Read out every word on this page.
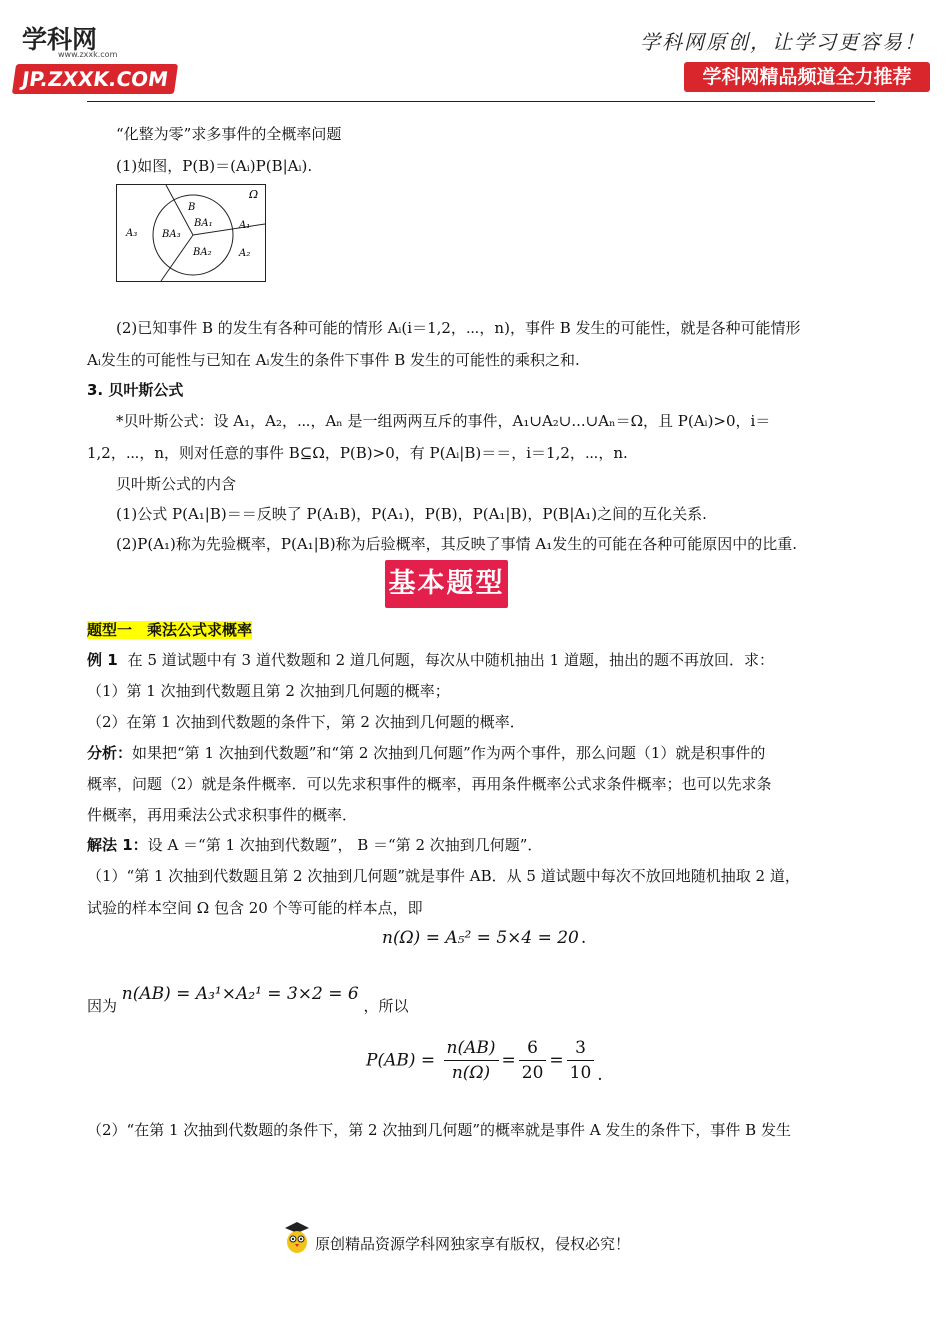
学科网
www.zxxk.com
JP.ZXXK.COM
学科网原创，让学习更容易！
学科网精品频道全力推荐
“化整为零”求多事件的全概率问题
(1)如图，P(B)＝(Aᵢ)P(B|Aᵢ).
Ω
B
BA₁
BA₃
BA₂
A₁
A₂
A₃
(2)已知事件 B 的发生有各种可能的情形 Aᵢ(i＝1,2，⋯，n)，事件 B 发生的可能性，就是各种可能情形
Aᵢ发生的可能性与已知在 Aᵢ发生的条件下事件 B 发生的可能性的乘积之和.
3. 贝叶斯公式
*贝叶斯公式：设 A₁，A₂，⋯，Aₙ 是一组两两互斥的事件，A₁∪A₂∪...∪Aₙ＝Ω，且 P(Aᵢ)>0，i＝
1,2，⋯，n，则对任意的事件 B⊆Ω，P(B)>0，有 P(Aᵢ|B)＝＝，i＝1,2，⋯，n.
贝叶斯公式的内含
(1)公式 P(A₁|B)＝＝反映了 P(A₁B)，P(A₁)，P(B)，P(A₁|B)，P(B|A₁)之间的互化关系.
(2)P(A₁)称为先验概率，P(A₁|B)称为后验概率，其反映了事情 A₁发生的可能在各种可能原因中的比重.
基本题型
题型一　乘法公式求概率
例 1 在 5 道试题中有 3 道代数题和 2 道几何题，每次从中随机抽出 1 道题，抽出的题不再放回．求：
（1）第 1 次抽到代数题且第 2 次抽到几何题的概率；
（2）在第 1 次抽到代数题的条件下，第 2 次抽到几何题的概率．
分析：如果把“第 1 次抽到代数题”和“第 2 次抽到几何题”作为两个事件，那么问题（1）就是积事件的
概率，问题（2）就是条件概率．可以先求积事件的概率，再用条件概率公式求条件概率；也可以先求条
件概率，再用乘法公式求积事件的概率．
解法 1：设 A ＝“第 1 次抽到代数题”， B ＝“第 2 次抽到几何题”．
（1）“第 1 次抽到代数题且第 2 次抽到几何题”就是事件 AB．从 5 道试题中每次不放回地随机抽取 2 道，
试验的样本空间 Ω 包含 20 个等可能的样本点，即
n(Ω) = A₅² = 5×4 = 20 .
因为 n(AB) = A₃¹×A₂¹ = 3×2 = 6 ，所以
$P(AB) = \frac{n(AB)}{n(\Omega)} = \frac{6}{20} = \frac{3}{10}$ .
（2）“在第 1 次抽到代数题的条件下，第 2 次抽到几何题”的概率就是事件 A 发生的条件下，事件 B 发生
原创精品资源学科网独家享有版权，侵权必究！
